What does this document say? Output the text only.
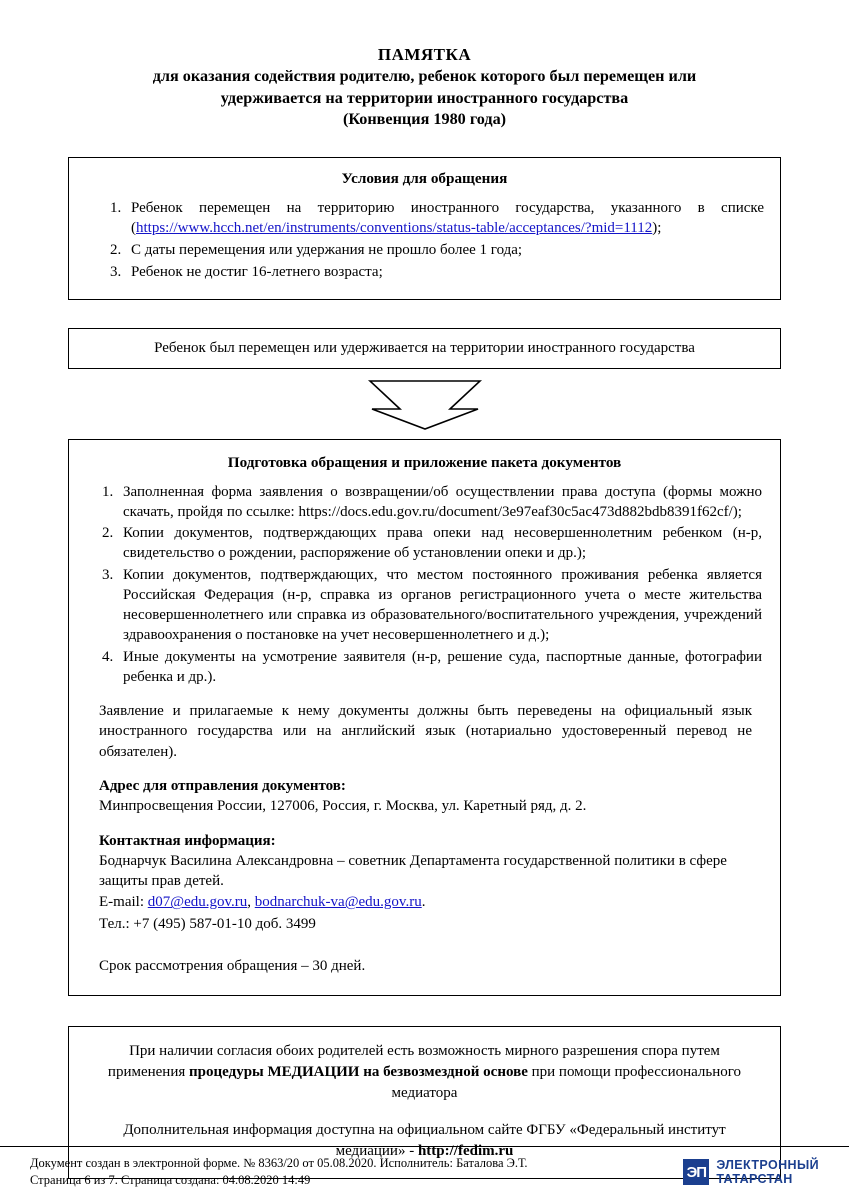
ПАМЯТКА
для оказания содействия родителю, ребенок которого был перемещен или
удерживается на территории иностранного государства
(Конвенция 1980 года)
Условия для обращения
1. Ребенок перемещен на территорию иностранного государства, указанного в списке (https://www.hcch.net/en/instruments/conventions/status-table/acceptances/?mid=1112);
2. С даты перемещения или удержания не прошло более 1 года;
3. Ребенок не достиг 16-летнего возраста;
Ребенок был перемещен или удерживается на территории иностранного государства
Подготовка обращения и приложение пакета документов
1. Заполненная форма заявления о возвращении/об осуществлении права доступа (формы можно скачать, пройдя по ссылке: https://docs.edu.gov.ru/document/3e97eaf30c5ac473d882bdb8391f62cf/);
2. Копии документов, подтверждающих права опеки над несовершеннолетним ребенком (н-р, свидетельство о рождении, распоряжение об установлении опеки и др.);
3. Копии документов, подтверждающих, что местом постоянного проживания ребенка является Российская Федерация (н-р, справка из органов регистрационного учета о месте жительства несовершеннолетнего или справка из образовательного/воспитательного учреждения, учреждений здравоохранения о постановке на учет несовершеннолетнего и д.);
4. Иные документы на усмотрение заявителя (н-р, решение суда, паспортные данные, фотографии ребенка и др.).
Заявление и прилагаемые к нему документы должны быть переведены на официальный язык иностранного государства или на английский язык (нотариально удостоверенный перевод не обязателен).
Адрес для отправления документов:
Минпросвещения России, 127006, Россия, г. Москва, ул. Каретный ряд, д. 2.
Контактная информация:
Боднарчук Василина Александровна – советник Департамента государственной политики в сфере защиты прав детей.
E-mail: d07@edu.gov.ru, bodnarchuk-va@edu.gov.ru.
Тел.: +7 (495) 587-01-10 доб. 3499
Срок рассмотрения обращения – 30 дней.

При наличии согласия обоих родителей есть возможность мирного разрешения спора путем применения процедуры МЕДИАЦИИ на безвозмездной основе при помощи профессионального медиатора

Дополнительная информация доступна на официальном сайте ФГБУ «Федеральный институт медиации» - http://fedim.ru

Документ создан в электронной форме. № 8363/20 от 05.08.2020. Исполнитель: Баталова Э.Т.
Страница 6 из 7. Страница создана: 04.08.2020 14:49	ЭП ЭЛЕКТРОННЫЙ
ТАТАРСТАН
